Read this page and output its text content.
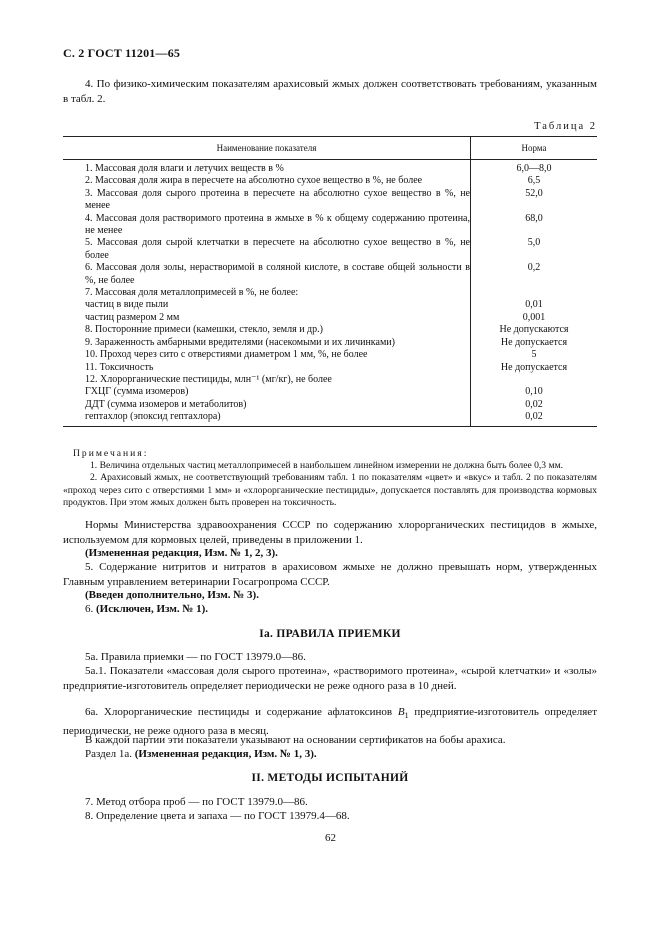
С. 2 ГОСТ 11201—65
4. По физико-химическим показателям арахисовый жмых должен соответствовать требованиям, указанным в табл. 2.
Таблица 2
Наименование показателя	Норма

1. Массовая доля влаги и летучих веществ в %	6,0—8,0

2. Массовая доля жира в пересчете на абсолютно сухое вещество в %, не более	6,5

3. Массовая доля сырого протеина в пересчете на абсолютно сухое вещество в %, не менее	52,0

4. Массовая доля растворимого протеина в жмыхе в % к общему содержанию протеина, не менее	68,0

5. Массовая доля сырой клетчатки в пересчете на абсолютно сухое вещество в %, не более	5,0

6. Массовая доля золы, нерастворимой в соляной кислоте, в составе общей зольности в %, не более	0,2

7. Массовая доля металлопримесей в %, не более:	

частиц в виде пыли	0,01

частиц размером 2 мм	0,001

8. Посторонние примеси (камешки, стекло, земля и др.)	Не допускаются

9. Зараженность амбарными вредителями (насекомыми и их личинками)	Не допускается

10. Проход через сито с отверстиями диаметром 1 мм, %, не более	5

11. Токсичность	Не допускается

12. Хлорорганические пестициды, млн⁻¹ (мг/кг), не более	

ГХЦГ (сумма изомеров)	0,10

ДДТ (сумма изомеров и метаболитов)	0,02

гептахлор (эпоксид гептахлора)	0,02
Примечания:
1. Величина отдельных частиц металлопримесей в наибольшем линейном измерении не должна быть более 0,3 мм.
2. Арахисовый жмых, не соответствующий требованиям табл. 1 по показателям «цвет» и «вкус» и табл. 2 по показателям «проход через сито с отверстиями 1 мм» и «хлорорганические пестициды», допускается поставлять для производства кормовых продуктов. При этом жмых должен быть проверен на токсичность.
Нормы Министерства здравоохранения СССР по содержанию хлорорганических пестицидов в жмыхе, используемом для кормовых целей, приведены в приложении 1.
(Измененная редакция, Изм. № 1, 2, 3).
5. Содержание нитритов и нитратов в арахисовом жмыхе не должно превышать норм, утвержденных Главным управлением ветеринарии Госагропрома СССР.
(Введен дополнительно, Изм. № 3).
6. (Исключен, Изм. № 1).
Iа. ПРАВИЛА ПРИЕМКИ
5а. Правила приемки — по ГОСТ 13979.0—86.
5а.1. Показатели «массовая доля сырого протеина», «растворимого протеина», «сырой клетчатки» и «золы» предприятие-изготовитель определяет периодически не реже одного раза в 10 дней.
6а. Хлорорганические пестициды и содержание афлатоксинов $B_1$ предприятие-изготовитель определяет периодически, не реже одного раза в месяц.
В каждой партии эти показатели указывают на основании сертификатов на бобы арахиса.
Раздел 1а. (Измененная редакция, Изм. № 1, 3).
II. МЕТОДЫ ИСПЫТАНИЙ
7. Метод отбора проб — по ГОСТ 13979.0—86.
8. Определение цвета и запаха — по ГОСТ 13979.4—68.
62
